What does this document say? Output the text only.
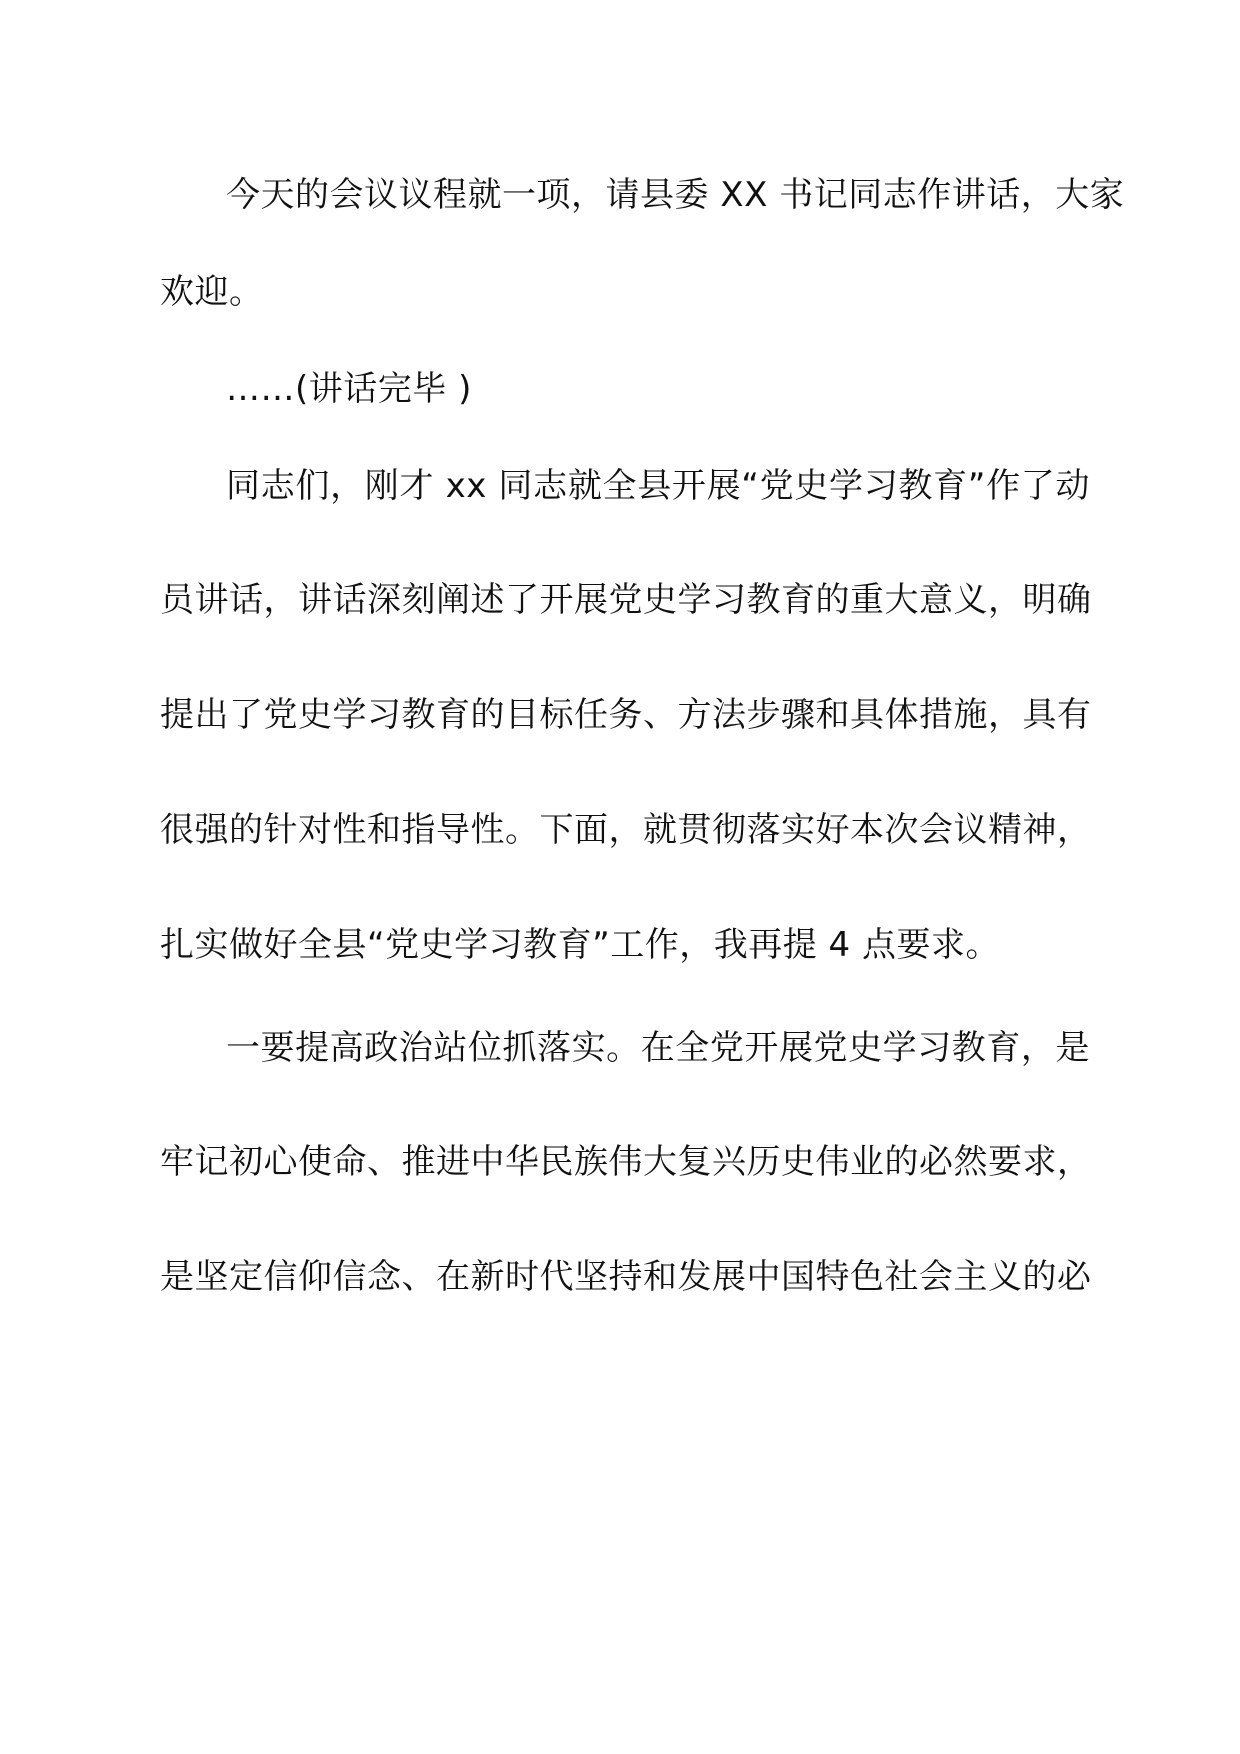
今天的会议议程就一项，请县委 XX 书记同志作讲话，大家
欢迎。
……(讲话完毕 )
同志们，刚才 xx 同志就全县开展“党史学习教育”作了动
员讲话，讲话深刻阐述了开展党史学习教育的重大意义，明确
提出了党史学习教育的目标任务、方法步骤和具体措施，具有
很强的针对性和指导性。下面，就贯彻落实好本次会议精神，
扎实做好全县“党史学习教育”工作，我再提 4 点要求。
一要提高政治站位抓落实。在全党开展党史学习教育，是
牢记初心使命、推进中华民族伟大复兴历史伟业的必然要求，
是坚定信仰信念、在新时代坚持和发展中国特色社会主义的必
